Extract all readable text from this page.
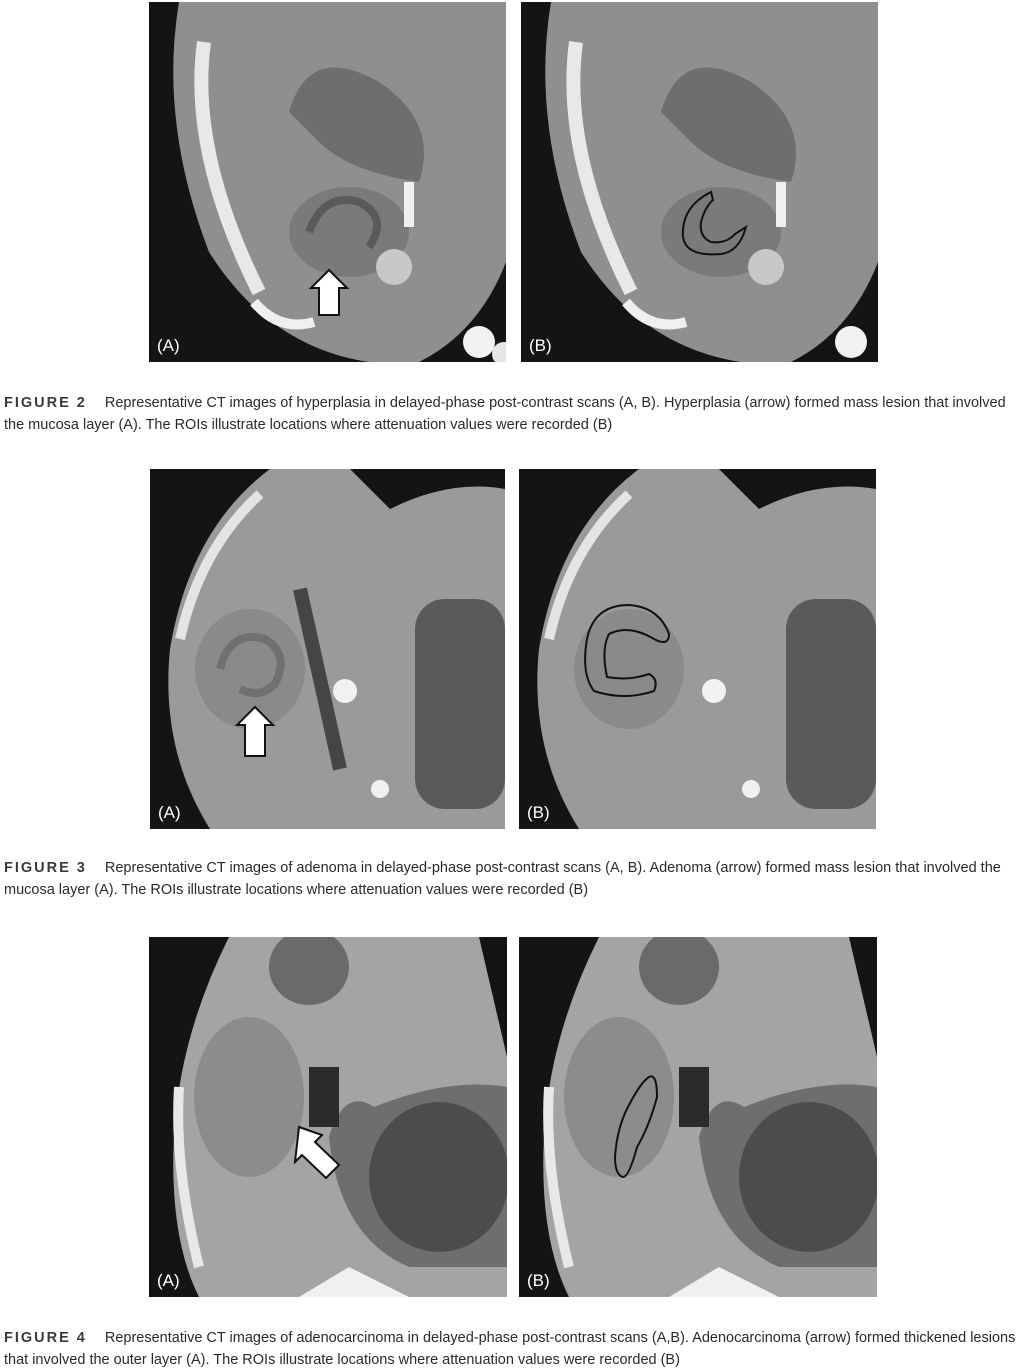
(A)	(B)
FIGURE 2 Representative CT images of hyperplasia in delayed-phase post-contrast scans (A, B). Hyperplasia (arrow) formed mass lesion that involved the mucosa layer (A). The ROIs illustrate locations where attenuation values were recorded (B)
(A)	(B)
FIGURE 3 Representative CT images of adenoma in delayed-phase post-contrast scans (A, B). Adenoma (arrow) formed mass lesion that involved the mucosa layer (A). The ROIs illustrate locations where attenuation values were recorded (B)
(A)	(B)
FIGURE 4 Representative CT images of adenocarcinoma in delayed-phase post-contrast scans (A,B). Adenocarcinoma (arrow) formed thickened lesions that involved the outer layer (A). The ROIs illustrate locations where attenuation values were recorded (B)
